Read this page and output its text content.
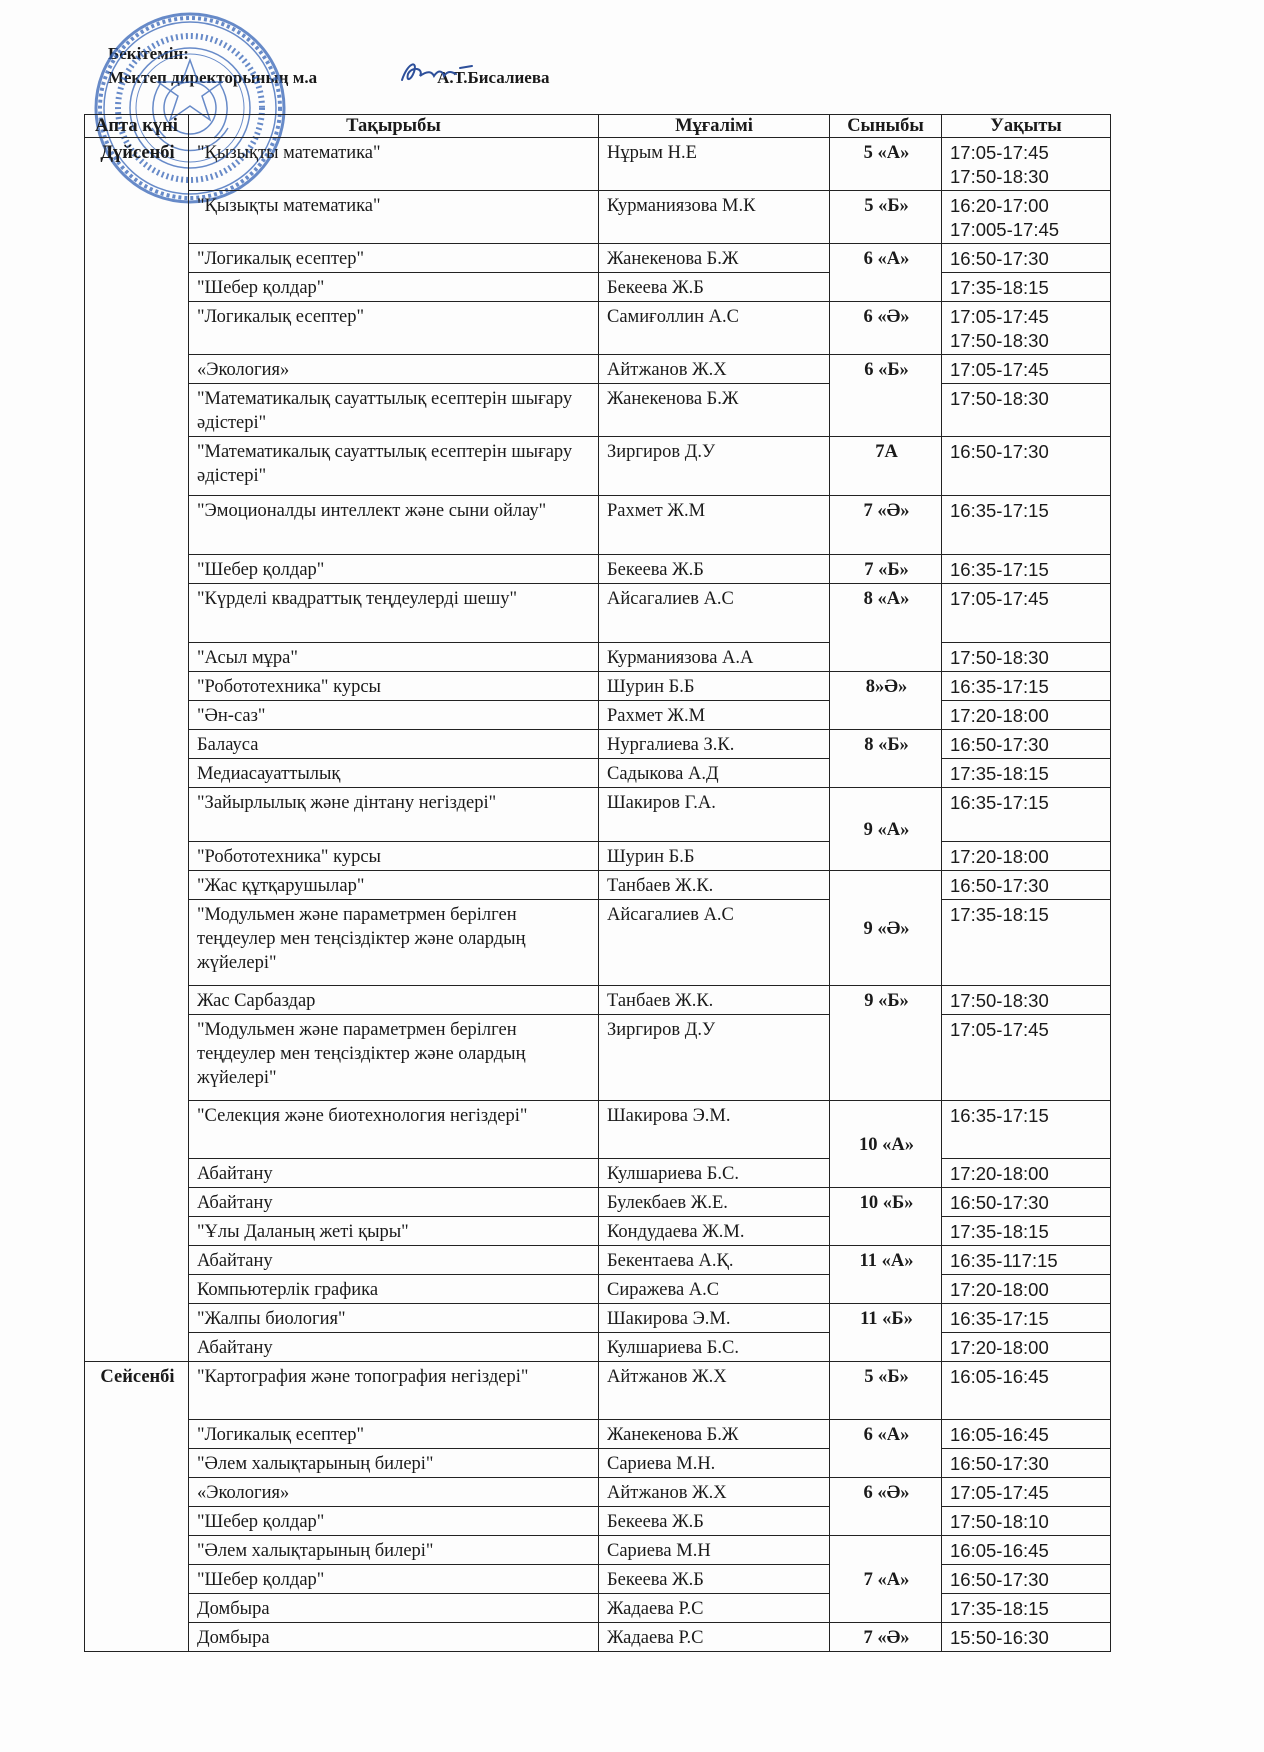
Бекітемін:
Мектеп директорының м.а	А.Т.Бисалиева
Апта күні	Тақырыбы	Мұғалімі	Сыныбы	Уақыты
Дүйсенбі	"Қызықты математика"	Нұрым Н.Е	5 «А»	17:05-17:45
17:50-18:30

	"Қызықты математика"	Курманиязова М.К	5 «Б»	16:20-17:00
17:005-17:45

	"Логикалық есептер"	Жанекенова Б.Ж	6 «А»	16:50-17:30
	"Шебер қолдар"	Бекеева Ж.Б		17:35-18:15
	"Логикалық есептер"	Самиғоллин А.С	6 «Ә»	17:05-17:45
17:50-18:30

	«Экология»	Айтжанов Ж.Х	6 «Б»	17:05-17:45
	"Математикалық сауаттылық есептерін шығару әдістері"	Жанекенова Б.Ж		17:50-18:30
	"Математикалық сауаттылық есептерін шығару әдістері"	Зиргиров Д.У	7А	16:50-17:30
	"Эмоционалды интеллект және сыни ойлау"	Рахмет Ж.М	7 «Ә»	16:35-17:15
	"Шебер қолдар"	Бекеева Ж.Б	7 «Б»	16:35-17:15
	"Күрделі квадраттық теңдеулерді шешу"	Айсагалиев А.С	8 «А»	17:05-17:45
	"Асыл мұра"	Курманиязова А.А		17:50-18:30
	"Робототехника" курсы	Шурин Б.Б	8»Ә»	16:35-17:15
	"Ән-саз"	Рахмет Ж.М		17:20-18:00
	Балауса	Нургалиева З.К.	8 «Б»	16:50-17:30
	Медиасауаттылық	Садыкова А.Д		17:35-18:15
	"Зайырлылық және дінтану негіздері"	Шакиров Г.А.	9 «А»	16:35-17:15
	"Робототехника" курсы	Шурин Б.Б		17:20-18:00
	"Жас құтқарушылар"	Танбаев Ж.К.	9 «Ә»	16:50-17:30
	"Модульмен және параметрмен берілген теңдеулер мен теңсіздіктер және олардың жүйелері"	Айсагалиев А.С		17:35-18:15
	Жас Сарбаздар	Танбаев Ж.К.	9 «Б»	17:50-18:30
	"Модульмен және параметрмен берілген теңдеулер мен теңсіздіктер және олардың жүйелері"	Зиргиров Д.У		17:05-17:45
	"Селекция және биотехнология негіздері"	Шакирова Э.М.	10 «А»	16:35-17:15
	Абайтану	Кулшариева Б.С.		17:20-18:00
	Абайтану	Булекбаев Ж.Е.	10 «Б»	16:50-17:30
	"Ұлы Даланың жеті қыры"	Кондудаева Ж.М.		17:35-18:15
	Абайтану	Бекентаева А.Қ.	11 «А»	16:35-117:15
	Компьютерлік графика	Сиражева А.С		17:20-18:00
	"Жалпы биология"	Шакирова Э.М.	11 «Б»	16:35-17:15
	Абайтану	Кулшариева Б.С.		17:20-18:00
Сейсенбі	"Картография және топография негіздері"	Айтжанов Ж.Х	5 «Б»	16:05-16:45
	"Логикалық есептер"	Жанекенова Б.Ж	6 «А»	16:05-16:45
	"Әлем халықтарының билері"	Сариева М.Н.		16:50-17:30
	«Экология»	Айтжанов Ж.Х	6 «Ә»	17:05-17:45
	"Шебер қолдар"	Бекеева Ж.Б		17:50-18:10
	"Әлем халықтарының билері"	Сариева М.Н	7 «А»	16:05-16:45
	"Шебер қолдар"	Бекеева Ж.Б		16:50-17:30
	Домбыра	Жадаева Р.С		17:35-18:15
	Домбыра	Жадаева Р.С	7 «Ә»	15:50-16:30
